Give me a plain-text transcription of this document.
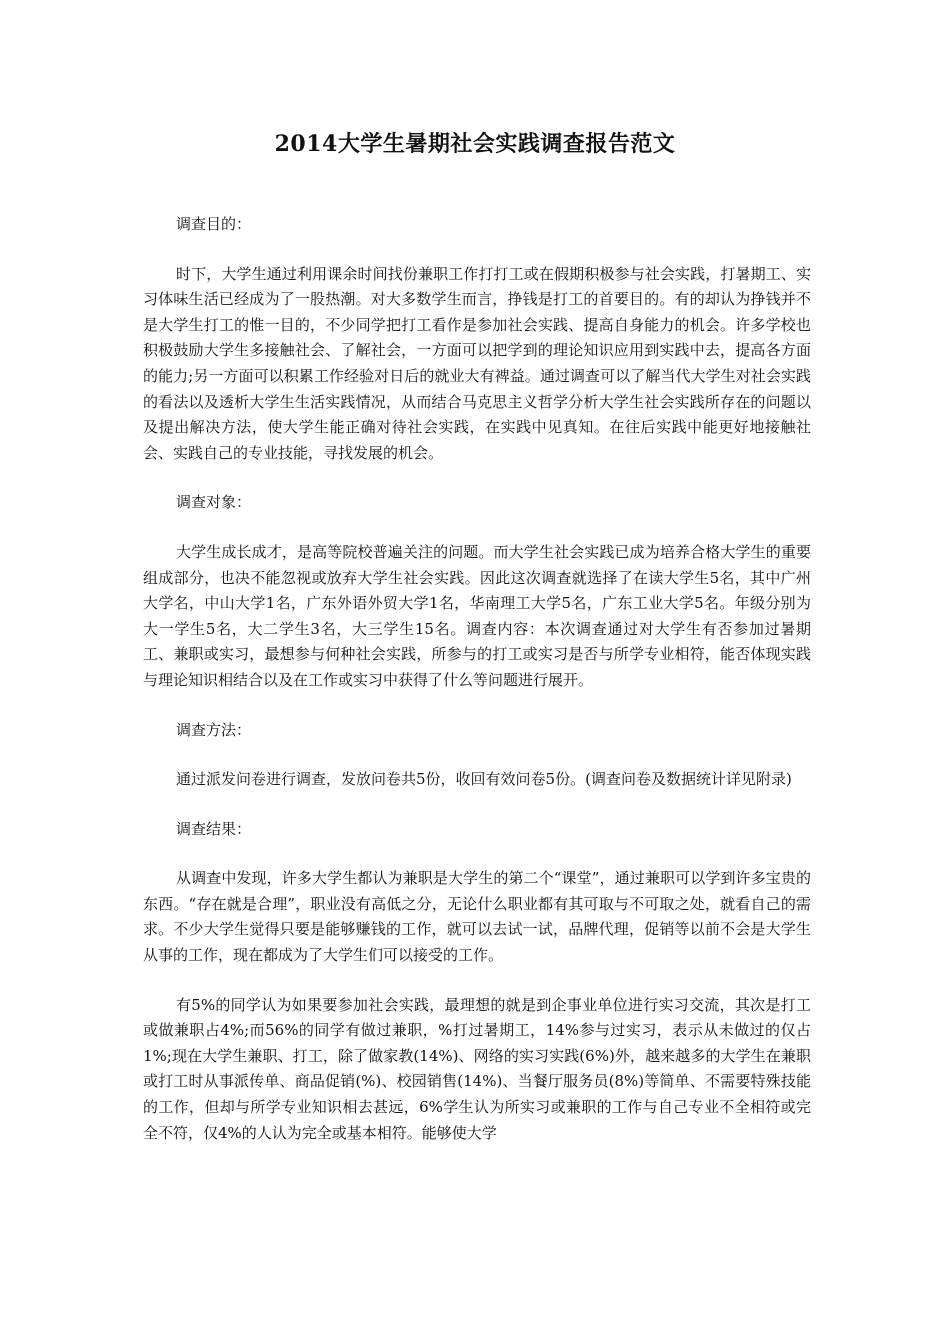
2014大学生暑期社会实践调查报告范文

调查目的：

时下，大学生通过利用课余时间找份兼职工作打打工或在假期积极参与社会实践，打暑期工、实习体味生活已经成为了一股热潮。对大多数学生而言，挣钱是打工的首要目的。有的却认为挣钱并不是大学生打工的惟一目的，不少同学把打工看作是参加社会实践、提高自身能力的机会。许多学校也积极鼓励大学生多接触社会、了解社会，一方面可以把学到的理论知识应用到实践中去，提高各方面的能力;另一方面可以积累工作经验对日后的就业大有裨益。通过调查可以了解当代大学生对社会实践的看法以及透析大学生生活实践情况，从而结合马克思主义哲学分析大学生社会实践所存在的问题以及提出解决方法，使大学生能正确对待社会实践，在实践中见真知。在往后实践中能更好地接触社会、实践自己的专业技能，寻找发展的机会。

调查对象：

大学生成长成才，是高等院校普遍关注的问题。而大学生社会实践已成为培养合格大学生的重要组成部分，也决不能忽视或放弃大学生社会实践。因此这次调查就选择了在读大学生5名，其中广州大学名，中山大学1名，广东外语外贸大学1名，华南理工大学5名，广东工业大学5名。年级分别为大一学生5名，大二学生3名，大三学生15名。调查内容：本次调查通过对大学生有否参加过暑期工、兼职或实习，最想参与何种社会实践，所参与的打工或实习是否与所学专业相符，能否体现实践与理论知识相结合以及在工作或实习中获得了什么等问题进行展开。

调查方法：

通过派发问卷进行调查，发放问卷共5份，收回有效问卷5份。(调查问卷及数据统计详见附录)

调查结果：

从调查中发现，许多大学生都认为兼职是大学生的第二个“课堂”，通过兼职可以学到许多宝贵的东西。“存在就是合理”，职业没有高低之分，无论什么职业都有其可取与不可取之处，就看自己的需求。不少大学生觉得只要是能够赚钱的工作，就可以去试一试，品牌代理，促销等以前不会是大学生从事的工作，现在都成为了大学生们可以接受的工作。

有5%的同学认为如果要参加社会实践，最理想的就是到企事业单位进行实习交流，其次是打工或做兼职占4%;而56%的同学有做过兼职，%打过暑期工，14%参与过实习，表示从未做过的仅占1%;现在大学生兼职、打工，除了做家教(14%)、网络的实习实践(6%)外，越来越多的大学生在兼职或打工时从事派传单、商品促销(%)、校园销售(14%)、当餐厅服务员(8%)等简单、不需要特殊技能的工作，但却与所学专业知识相去甚远，6%学生认为所实习或兼职的工作与自己专业不全相符或完全不符，仅4%的人认为完全或基本相符。能够使大学
